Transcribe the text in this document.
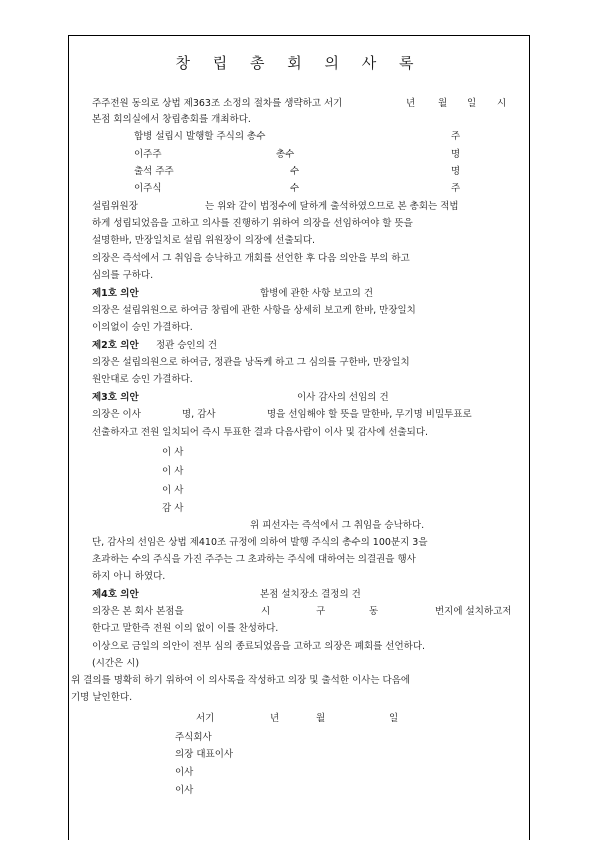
창 립 총 회 의 사 록
주주전원 동의로 상법 제363조 소정의 절차를 생략하고 서기	년 월 일 시
본점 회의실에서 창립총회를 개최하다.
합병 설립시 발행할 주식의 총수	주
이주주	총수	명
출석 주주	수	명
이주식	수	주
설립위원장	는 위와 같이 법정수에 달하게 출석하였으므로 본 총회는 적법
하게 성립되었음을 고하고 의사를 진행하기 위하여 의장을 선임하여야 할 뜻을
설명한바, 만장일치로 설립 위원장이 의장에 선출되다.
의장은 즉석에서 그 취임을 승낙하고 개회를 선언한 후 다음 의안을 부의 하고
심의를 구하다.
제1호 의안	합병에 관한 사항 보고의 건
의장은 설립위원으로 하여금 창립에 관한 사항을 상세히 보고케 한바, 만장일치
이의없이 승인 가결하다.
제2호 의안 정관 승인의 건
의장은 설립의원으로 하여금, 정관을 낭독케 하고 그 심의를 구한바, 만장일치
원안대로 승인 가결하다.
제3호 의안	이사 감사의 선임의 건
의장은 이사	명, 감사	명을 선임해야 할 뜻을 말한바, 무기명 비밀투표로
선출하자고 전원 일치되어 즉시 투표한 결과 다음사람이 이사 및 감사에 선출되다.
이 사
이 사
이 사
감 사
위 피선자는 즉석에서 그 취임을 승낙하다.
단, 감사의 선임은 상법 제410조 규정에 의하여 발행 주식의 총수의 100분지 3을
초과하는 수의 주식을 가진 주주는 그 초과하는 주식에 대하여는 의결권을 행사
하지 아니 하였다.
제4호 의안	본점 설치장소 결정의 건
의장은 본 회사 본점을	시	구	동	번지에 설치하고저
한다고 말한즉 전원 이의 없이 이를 찬성하다.
이상으로 금일의 의안이 전부 심의 종료되었음을 고하고 의장은 폐회를 선언하다.
(시간은 시)
위 결의를 명확히 하기 위하여 이 의사록을 작성하고 의장 및 출석한 이사는 다음에
기명 날인한다.
서기	년	월	일
주식회사
의장 대표이사
이사
이사
